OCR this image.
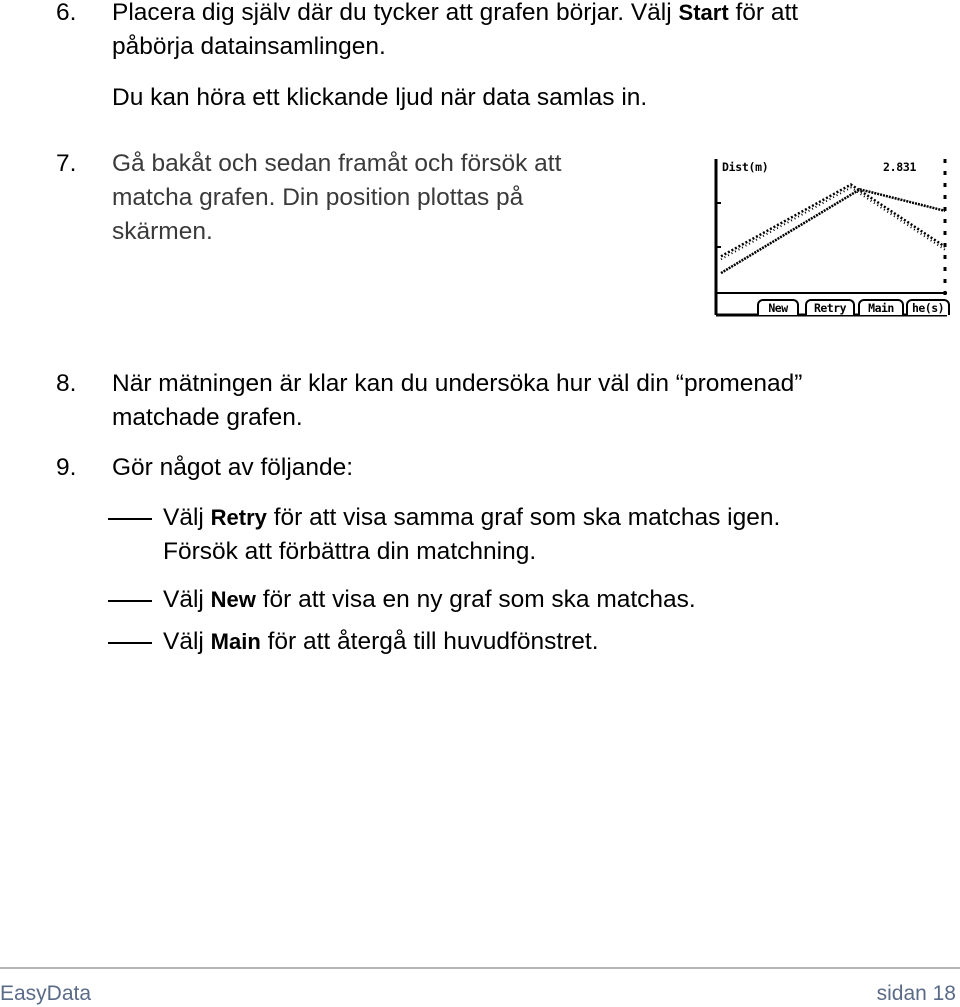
6.	Placera dig själv där du tycker att grafen börjar. Välj Start för att
påbörja datainsamlingen.
Du kan höra ett klickande ljud när data samlas in.
7.	Gå bakåt och sedan framåt och försök att
matcha grafen. Din position plottas på
skärmen.
Dist(m)	2.831
New	Retry	Main	he(s)
8.	När mätningen är klar kan du undersöka hur väl din “promenad”
matchade grafen.
9.	Gör något av följande:
Välj Retry för att visa samma graf som ska matchas igen.
Försök att förbättra din matchning.
Välj New för att visa en ny graf som ska matchas.
Välj Main för att återgå till huvudfönstret.
EasyData	sidan 18
